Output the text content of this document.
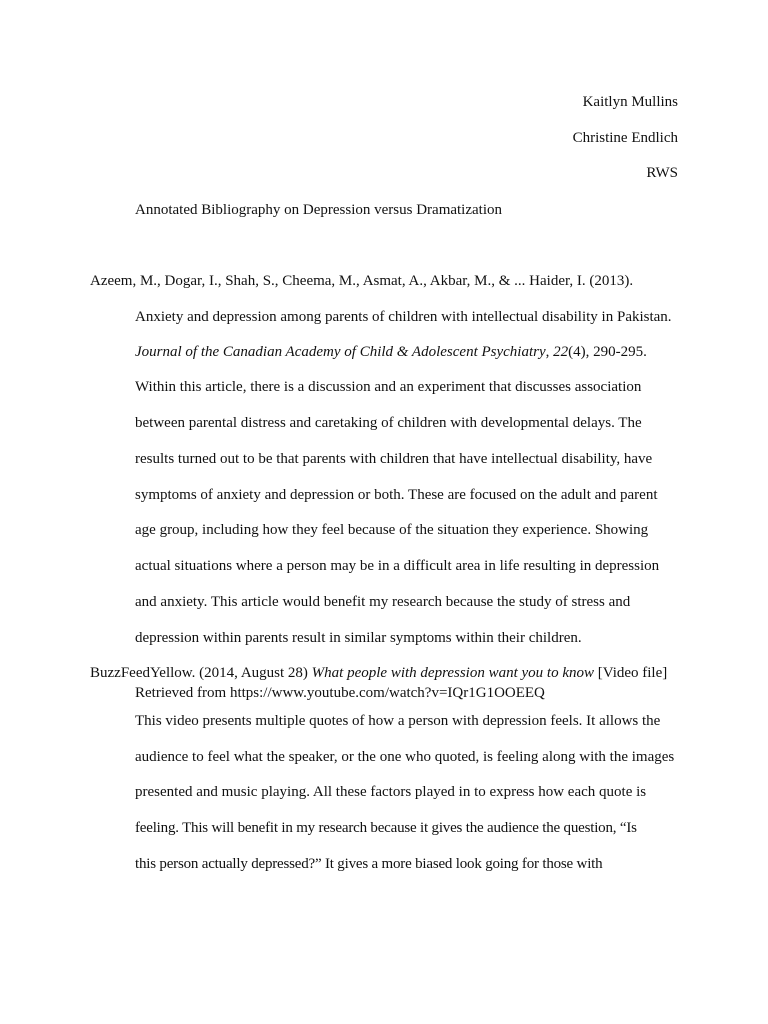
Kaitlyn Mullins

Christine Endlich

RWS

Annotated Bibliography on Depression versus Dramatization

Azeem, M., Dogar, I., Shah, S., Cheema, M., Asmat, A., Akbar, M., & ... Haider, I. (2013).

Anxiety and depression among parents of children with intellectual disability in Pakistan.

Journal of the Canadian Academy of Child & Adolescent Psychiatry, 22(4), 290-295.

Within this article, there is a discussion and an experiment that discusses association

between parental distress and caretaking of children with developmental delays. The

results turned out to be that parents with children that have intellectual disability, have

symptoms of anxiety and depression or both. These are focused on the adult and parent

age group, including how they feel because of the situation they experience. Showing

actual situations where a person may be in a difficult area in life resulting in depression

and anxiety. This article would benefit my research because the study of stress and

depression within parents result in similar symptoms within their children.

BuzzFeedYellow. (2014, August 28) What people with depression want you to know [Video file]

Retrieved from https://www.youtube.com/watch?v=IQr1G1OOEEQ

This video presents multiple quotes of how a person with depression feels. It allows the

audience to feel what the speaker, or the one who quoted, is feeling along with the images

presented and music playing. All these factors played in to express how each quote is

feeling. This will benefit in my research because it gives the audience the question, “Is

this person actually depressed?” It gives a more biased look going for those with
